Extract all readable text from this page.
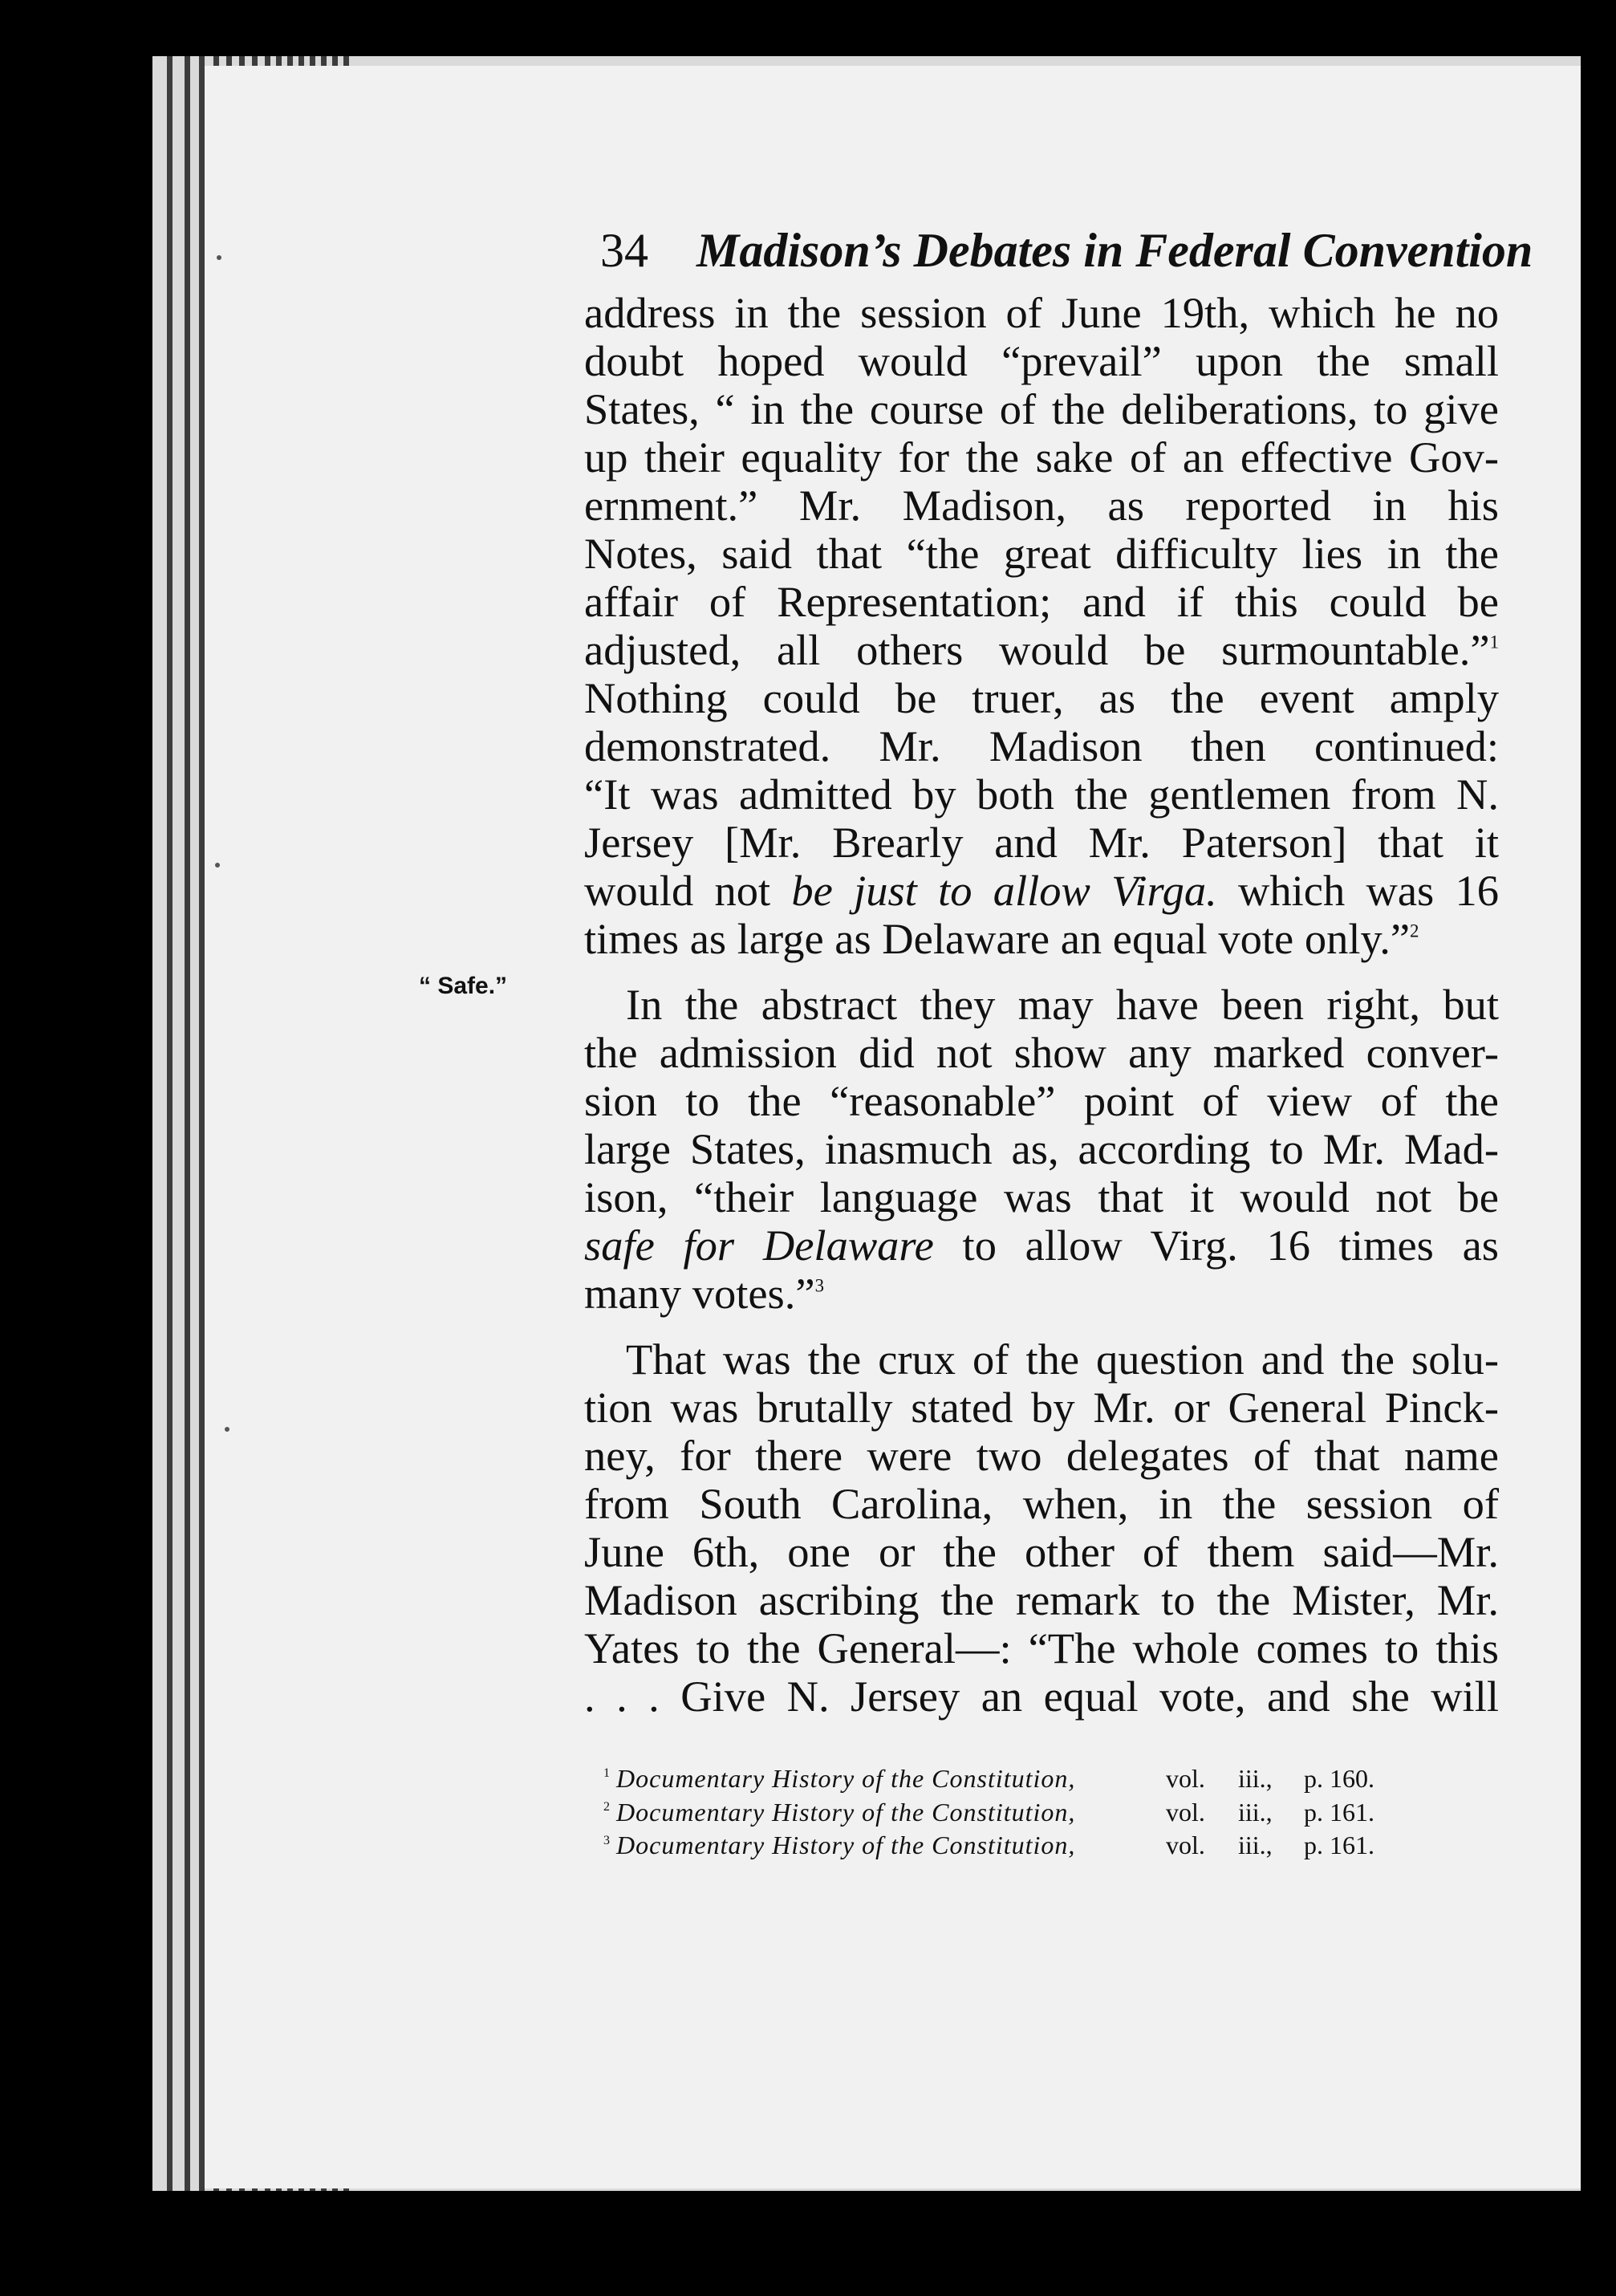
34 Madison’s Debates in Federal Convention
“ Safe.”
address in the session of June 19th, which he no
doubt hoped would “prevail” upon the small
States, “ in the course of the deliberations, to give
up their equality for the sake of an effective Gov-
ernment.” Mr. Madison, as reported in his
Notes, said that “the great difficulty lies in the
affair of Representation; and if this could be
adjusted, all others would be surmountable.”$^1$
Nothing could be truer, as the event amply
demonstrated. Mr. Madison then continued:
“It was admitted by both the gentlemen from N.
Jersey [Mr. Brearly and Mr. Paterson] that it
would not be just to allow Virga. which was 16
times as large as Delaware an equal vote only.”$^2$
In the abstract they may have been right, but
the admission did not show any marked conver-
sion to the “reasonable” point of view of the
large States, inasmuch as, according to Mr. Mad-
ison, “their language was that it would not be
safe for Delaware to allow Virg. 16 times as
many votes.”$^3$
That was the crux of the question and the solu-
tion was brutally stated by Mr. or General Pinck-
ney, for there were two delegates of that name
from South Carolina, when, in the session of
June 6th, one or the other of them said—Mr.
Madison ascribing the remark to the Mister, Mr.
Yates to the General—: “The whole comes to this
. . . Give N. Jersey an equal vote, and she will
1 Documentary History of the Constitution,	vol. iii., p. 160.
2 Documentary History of the Constitution,	vol. iii., p. 161.
3 Documentary History of the Constitution,	vol. iii., p. 161.
